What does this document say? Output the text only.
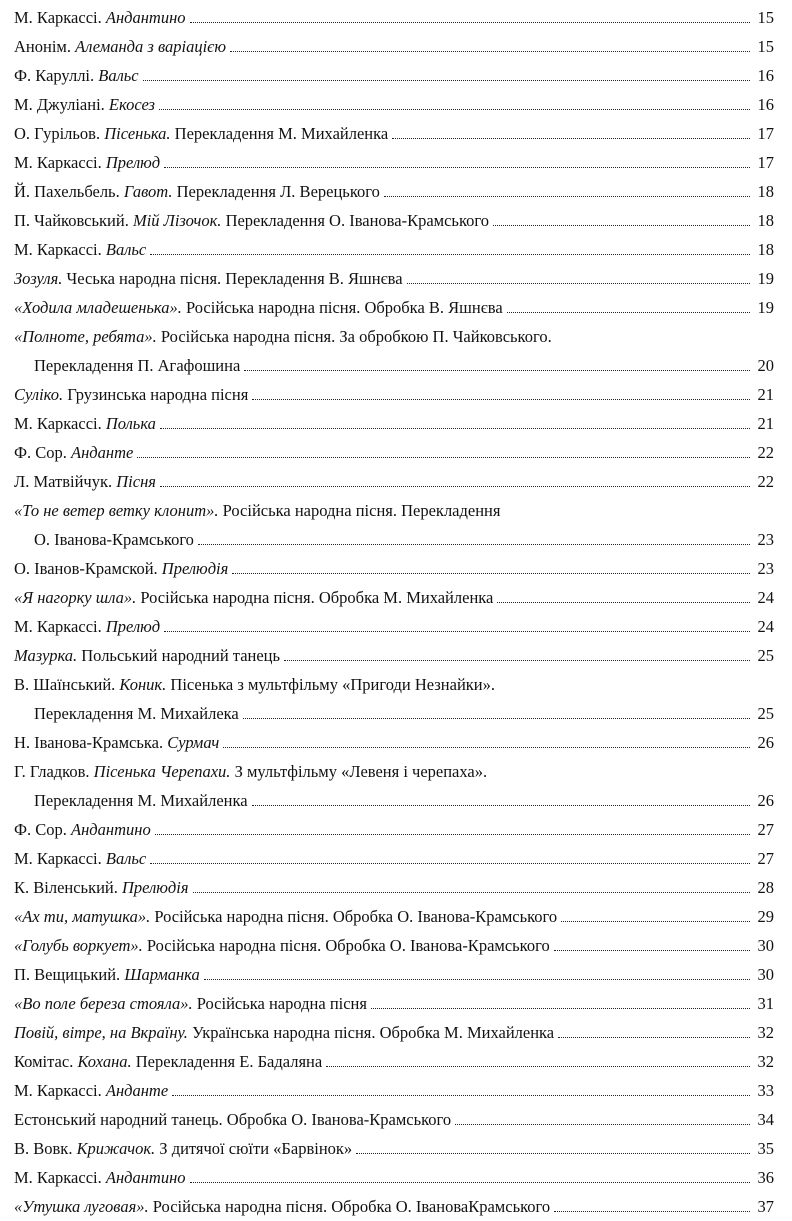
М. Каркассі. Андантино	15
Анонім. Алеманда з варіацією	15
Ф. Каруллі. Вальс	16
М. Джуліані. Екосез	16
О. Гурільов. Пісенька. Перекладення М. Михайленка	17
М. Каркассі. Прелюд	17
Й. Пахельбель. Гавот. Перекладення Л. Верецького	18
П. Чайковський. Мій Лізочок. Перекладення О. Іванова-Крамського	18
М. Каркассі. Вальс	18
Зозуля. Чеська народна пісня. Перекладення В. Яшнєва	19
«Ходила младешенька». Російська народна пісня. Обробка В. Яшнєва	19
«Полноте, ребята». Російська народна пісня. За обробкою П. Чайковського.
Перекладення П. Агафошина	20
Суліко. Грузинська народна пісня	21
М. Каркассі. Полька	21
Ф. Сор. Анданте	22
Л. Матвійчук. Пісня	22
«То не ветер ветку клонит». Російська народна пісня. Перекладення
О. Іванова-Крамського	23
О. Іванов-Крамской. Прелюдія	23
«Я нагорку шла». Російська народна пісня. Обробка М. Михайленка	24
М. Каркассі. Прелюд	24
Мазурка. Польський народний танець	25
В. Шаїнський. Коник. Пісенька з мультфільму «Пригоди Незнайки».
Перекладення М. Михайлека	25
Н. Іванова-Крамська. Сурмач	26
Г. Гладков. Пісенька Черепахи. З мультфільму «Левеня і черепаха».
Перекладення М. Михайленка	26
Ф. Сор. Андантино	27
М. Каркассі. Вальс	27
К. Віленський. Прелюдія	28
«Ах ти, матушка». Російська народна пісня. Обробка О. Іванова-Крамського	29
«Голубь воркует». Російська народна пісня. Обробка О. Іванова-Крамського	30
П. Вещицький. Шарманка	30
«Во поле береза стояла». Російська народна пісня	31
Повій, вітре, на Вкраїну. Українська народна пісня. Обробка М. Михайленка	32
Комітас. Кохана. Перекладення Е. Бадаляна	32
М. Каркассі. Анданте	33
Естонський народний танець. Обробка О. Іванова-Крамського	34
В. Вовк. Крижачок. З дитячої сюїти «Барвінок»	35
М. Каркассі. Андантино	36
«Утушка луговая». Російська народна пісня. Обробка О. ІвановаКрамського	37
